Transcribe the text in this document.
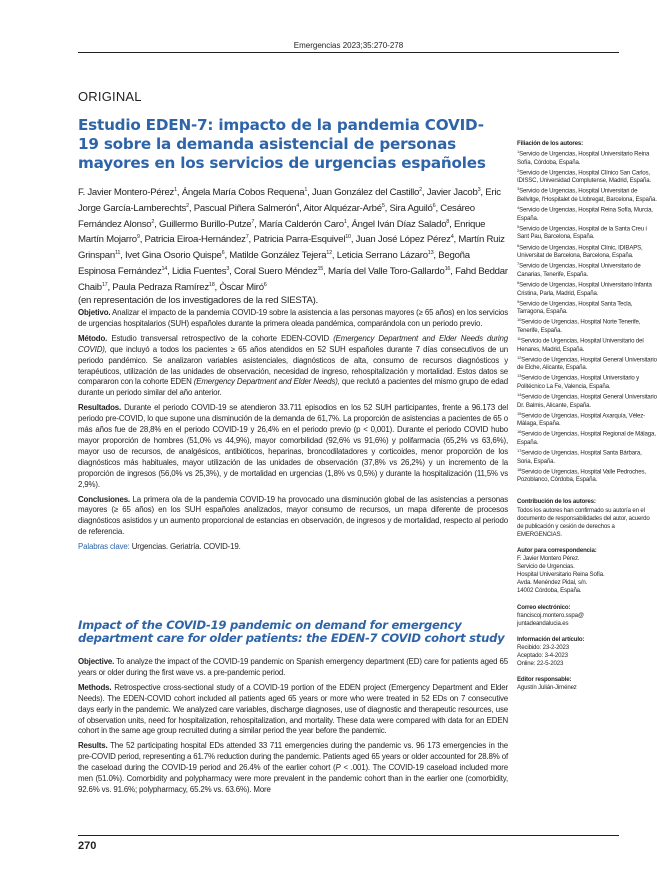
Emergencias 2023;35:270-278
ORIGINAL
Estudio EDEN-7: impacto de la pandemia COVID-19 sobre la demanda asistencial de personas mayores en los servicios de urgencias españoles
F. Javier Montero-Pérez$^1$, Ángela María Cobos Requena$^1$, Juan González del Castillo$^2$, Javier Jacob$^3$, Eric Jorge García-Lamberechts$^2$, Pascual Piñera Salmerón$^4$, Aitor Alquézar-Arbé$^5$, Sira Aguiló$^6$, Cesáreo Fernández Alonso$^2$, Guillermo Burillo-Putze$^7$, María Calderón Caro$^1$, Ángel Iván Díaz Salado$^8$, Enrique Martín Mojarro$^9$, Patricia Eiroa-Hernández$^7$, Patricia Parra-Esquivel$^{10}$, Juan José López Pérez$^4$, Martín Ruiz Grinspan$^{11}$, Ivet Gina Osorio Quispe$^6$, Matilde González Tejera$^{12}$, Leticia Serrano Lázaro$^{13}$, Begoña Espinosa Fernández$^{14}$, Lidia Fuentes$^3$, Coral Suero Méndez$^{15}$, María del Valle Toro-Gallardo$^{16}$, Fahd Beddar Chaib$^{17}$, Paula Pedraza Ramírez$^{18}$, Òscar Miró$^6$
(en representación de los investigadores de la red SIESTA).

Objetivo. Analizar el impacto de la pandemia COVID-19 sobre la asistencia a las personas mayores (≥ 65 años) en los servicios de urgencias hospitalarios (SUH) españoles durante la primera oleada pandémica, comparándola con un periodo previo.

Método. Estudio transversal retrospectivo de la cohorte EDEN-COVID (Emergency Department and Elder Needs during COVID), que incluyó a todos los pacientes ≥ 65 años atendidos en 52 SUH españoles durante 7 días consecutivos de un periodo pandémico. Se analizaron variables asistenciales, diagnósticos de alta, consumo de recursos diagnósticos y terapéuticos, utilización de las unidades de observación, necesidad de ingreso, rehospitalización y mortalidad. Estos datos se compararon con la cohorte EDEN (Emergency Department and Elder Needs), que reclutó a pacientes del mismo grupo de edad durante un periodo similar del año anterior.

Resultados. Durante el periodo COVID-19 se atendieron 33.711 episodios en los 52 SUH participantes, frente a 96.173 del periodo pre-COVID, lo que supone una disminución de la demanda de 61,7%. La proporción de asistencias a pacientes de 65 o más años fue de 28,8% en el periodo COVID-19 y 26,4% en el periodo previo (p < 0,001). Durante el periodo COVID hubo mayor proporción de hombres (51,0% vs 44,9%), mayor comorbilidad (92,6% vs 91,6%) y polifarmacia (65,2% vs 63,6%), mayor uso de recursos, de analgésicos, antibióticos, heparinas, broncodilatadores y corticoides, menor proporción de los diagnósticos más habituales, mayor utilización de las unidades de observación (37,8% vs 26,2%) y un incremento de la proporción de ingresos (56,0% vs 25,3%), y de mortalidad en urgencias (1,8% vs 0,5%) y durante la hospitalización (11,5% vs 2,9%).

Conclusiones. La primera ola de la pandemia COVID-19 ha provocado una disminución global de las asistencias a personas mayores (≥ 65 años) en los SUH españoles analizados, mayor consumo de recursos, un mapa diferente de procesos diagnósticos asistidos y un aumento proporcional de estancias en observación, de ingresos y de mortalidad, respecto al periodo de referencia.

Palabras clave: Urgencias. Geriatría. COVID-19.

Impact of the COVID-19 pandemic on demand for emergency department care for older patients: the EDEN-7 COVID cohort study

Objective. To analyze the impact of the COVID-19 pandemic on Spanish emergency department (ED) care for patients aged 65 years or older during the first wave vs. a pre-pandemic period.

Methods. Retrospective cross-sectional study of a COVID-19 portion of the EDEN project (Emergency Department and Elder Needs). The EDEN-COVID cohort included all patients aged 65 years or more who were treated in 52 EDs on 7 consecutive days early in the pandemic. We analyzed care variables, discharge diagnoses, use of diagnostic and therapeutic resources, use of observation units, need for hospitalization, rehospitalization, and mortality. These data were compared with data for an EDEN cohort in the same age group recruited during a similar period the year before the pandemic.

Results. The 52 participating hospital EDs attended 33 711 emergencies during the pandemic vs. 96 173 emergencies in the pre-COVID period, representing a 61.7% reduction during the pandemic. Patients aged 65 years or older accounted for 28.8% of the caseload during the COVID-19 period and 26.4% of the earlier cohort (P < .001). The COVID-19 caseload included more men (51.0%). Comorbidity and polypharmacy were more prevalent in the pandemic cohort than in the earlier one (comorbidity, 92.6% vs. 91.6%; polypharmacy, 65.2% vs. 63.6%). More

Filiación de los autores:
$^1$Servicio de Urgencias, Hospital Universitario Reina Sofía, Córdoba, España.
$^2$Servicio de Urgencias, Hospital Clínico San Carlos, IDISSC, Universidad Complutense, Madrid, España.
$^3$Servicio de Urgencias, Hospital Universitari de Bellvitge, l'Hospitalet de Llobregat, Barcelona, España.
$^4$Servicio de Urgencias, Hospital Reina Sofía, Murcia, España.
$^5$Servicio de Urgencias, Hospital de la Santa Creu i Sant Pau, Barcelona, España.
$^6$Servicio de Urgencias, Hospital Clínic, IDIBAPS, Universitat de Barcelona, Barcelona, España.
$^7$Servicio de Urgencias, Hospital Universitario de Canarias, Tenerife, España.
$^8$Servicio de Urgencias, Hospital Universitario Infanta Cristina, Parla, Madrid, España.
$^9$Servicio de Urgencias, Hospital Santa Tecla, Tarragona, España.
$^{10}$Servicio de Urgencias, Hospital Norte Tenerife, Tenerife, España.
$^{11}$Servicio de Urgencias, Hospital Universitario del Henares, Madrid, España.
$^{12}$Servicio de Urgencias, Hospital General Universitario de Elche, Alicante, España.
$^{13}$Servicio de Urgencias, Hospital Universitario y Politécnico La Fe, Valencia, España.
$^{14}$Servicio de Urgencias, Hospital General Universitario Dr. Balmis, Alicante, España.
$^{15}$Servicio de Urgencias, Hospital Axarquía, Vélez-Málaga, España.
$^{16}$Servicio de Urgencias, Hospital Regional de Málaga, España.
$^{17}$Servicio de Urgencias, Hospital Santa Bárbara, Soria, España.
$^{18}$Servicio de Urgencias, Hospital Valle Pedroches, Pozoblanco, Córdoba, España.
Contribución de los autores:
Todos los autores han confirmado su autoría en el documento de responsabilidades del autor, acuerdo de publicación y cesión de derechos a EMERGENCIAS.
Autor para correspondencia:
F. Javier Montero Pérez.
Servicio de Urgencias.
Hospital Universitario Reina Sofía.
Avda. Menéndez Pidal, s/n.
14002 Córdoba, España.
Correo electrónico:
franciscoj.montero.sspa@
juntadeandalucia.es
Información del artículo:
Recibido: 23-2-2023
Aceptado: 3-4-2023
Online: 22-5-2023
Editor responsable:
Agustín Julián-Jiménez
270
